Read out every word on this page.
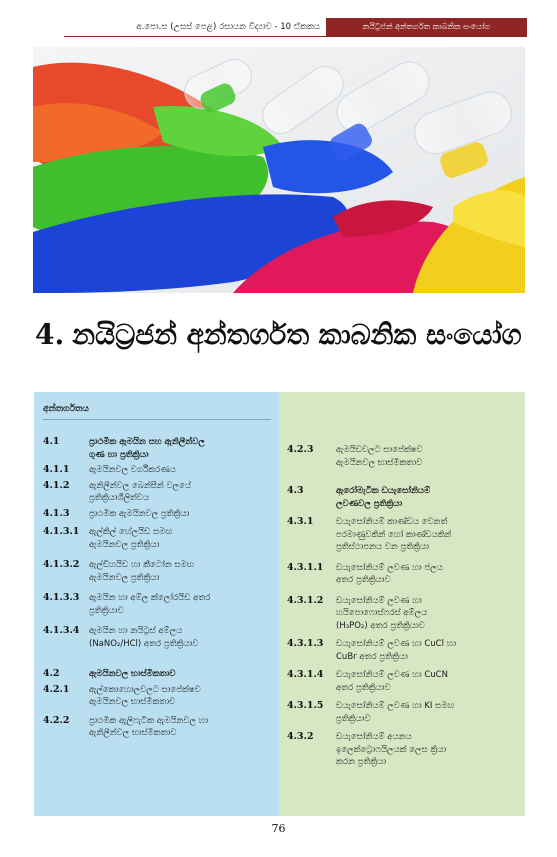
අ.පො.ස (උසස් පෙළ) රසායන විද්‍යාව - 10 ඒකකය	නයිට්‍රජන් අන්තර්ගත කාබනික සංයෝග
4. නයිට්‍රජන් අන්තර්ගත කාබනික සංයෝග
අන්තර්ගතය
4.1	ප්‍රාථමික ඇමයින සහ ඇනිලීන්වල
ගුණ හා ප්‍රතික්‍රියා
4.1.1 ඇමයිනවල වර්ගීකරණය
4.1.2 ඇනිලීන්වල බෙන්සීන් වලයේ
ප්‍රතික්‍රියාශීලිත්වය
4.1.3 ප්‍රාථමික ඇමයිනවල ප්‍රතික්‍රියා
4.1.3.1 ඇල්කිල් හේලයිඩ සමඟ
ඇමයිනවල ප්‍රතික්‍රියා
4.1.3.2 ඇල්ඩිහයිඩ හා කීටෝන සමඟ
ඇමයිනවල ප්‍රතික්‍රියා
4.1.3.3 ඇමයින හා අම්ල ක්ලෝරයිඩ අතර
ප්‍රතික්‍රියාව
4.1.3.4 ඇමයින හා නයිට්‍රස් අම්ලය
(NaNO₂/HCl) අතර ප්‍රතික්‍රියාව
4.2	ඇමයිනවල භාස්මිකතාව
4.2.1 ඇල්කොහොලවලට සාපේක්ෂව
ඇමයිනවල භාස්මිකතාව
4.2.2 ප්‍රාථමික ඇලිෆැටික ඇමයිනවල හා
ඇනිලීන්වල භාස්මිකතාව
4.2.3	ඇමයිඩවලට සාපේක්ෂව
ඇමයිනවල භාස්මිකතාව
4.3	ඇරෝමැටික ඩයැසෝනියම්
ලවණවල ප්‍රතික්‍රියා
4.3.1	ඩයැසෝනියම් කාණ්ඩය වෙනත්
පරමාණුවකින් හෝ කාණ්ඩයකින්
ප්‍රතිස්ථාපනය වන ප්‍රතික්‍රියා
4.3.1.1 ඩයැසෝනියම් ලවණ හා ජලය
අතර ප්‍රතික්‍රියාව
4.3.1.2 ඩයැසෝනියම් ලවණ හා
හයිපොෆොස්ෆරස් අම්ලය
(H₃PO₂) අතර ප්‍රතික්‍රියාව
4.3.1.3 ඩයැසෝනියම් ලවණ හා CuCl හා
CuBr අතර ප්‍රතික්‍රියා
4.3.1.4 ඩයැසෝනියම් ලවණ හා CuCN
අතර ප්‍රතික්‍රියාව
4.3.1.5 ඩයැසෝනියම් ලවණ හා KI සමඟ
ප්‍රතික්‍රියාව
4.3.2	ඩයැසෝනියම් අයනය
ඉලෙක්ට්‍රොෆයිලයක් ලෙස ක්‍රියා
කරන ප්‍රතික්‍රියා
76
